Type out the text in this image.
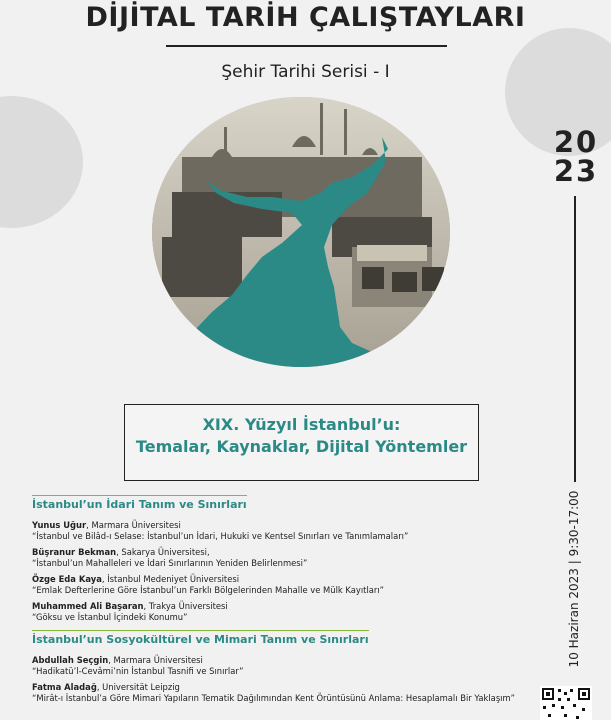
DİJİTAL TARİH ÇALIŞTAYLARI
Şehir Tarihi Serisi - I
20
23
10 Haziran 2023 | 9:30-17:00
XIX. Yüzyıl İstanbul’u:
Temalar, Kaynaklar, Dijital Yöntemler
İstanbul’un İdari Tanım ve Sınırları
Yunus Uğur, Marmara Üniversitesi
“İstanbul ve Bilâd-ı Selase: İstanbul’un İdari, Hukuki ve Kentsel Sınırları ve Tanımlamaları”
Büşranur Bekman, Sakarya Üniversitesi,
“İstanbul’un Mahalleleri ve İdari Sınırlarının Yeniden Belirlenmesi”
Özge Eda Kaya, İstanbul Medeniyet Üniversitesi
“Emlak Defterlerine Göre İstanbul’un Farklı Bölgelerinden Mahalle ve Mülk Kayıtları”
Muhammed Ali Başaran, Trakya Üniversitesi
“Göksu ve İstanbul İçindeki Konumu”
İstanbul’un Sosyokültürel ve Mimari Tanım ve Sınırları
Abdullah Seçgin, Marmara Üniversitesi
“Hadikatü’l-Cevâmi’nin İstanbul Tasnifi ve Sınırlar”
Fatma Aladağ, Universität Leipzig
“Mirât-ı İstanbul’a Göre Mimari Yapıların Tematik Dağılımından Kent Örüntüsünü Anlama: Hesaplamalı Bir Yaklaşım”
